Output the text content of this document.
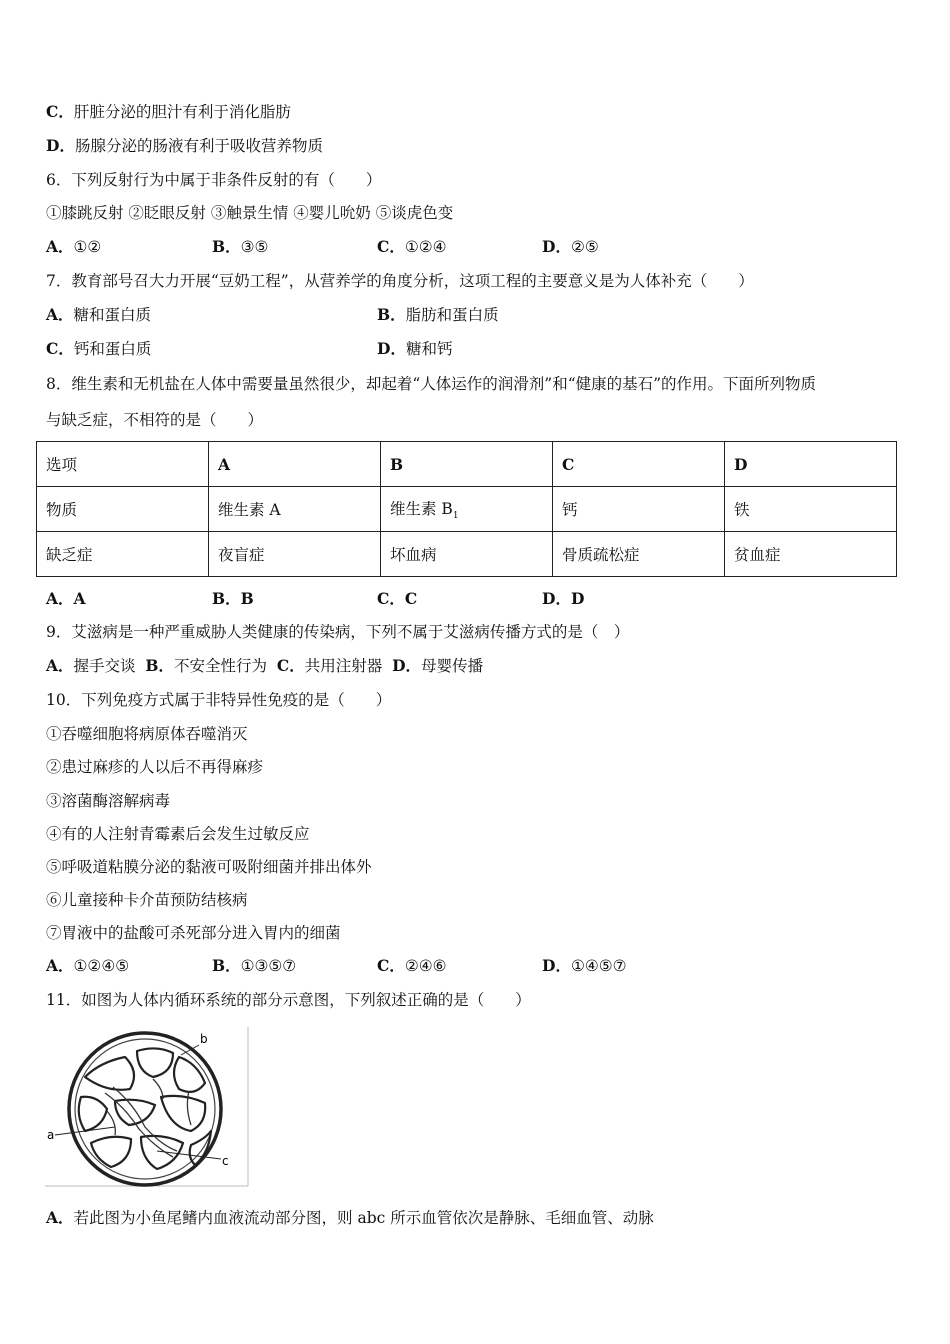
C．肝脏分泌的胆汁有利于消化脂肪
D．肠腺分泌的肠液有利于吸收营养物质
6．下列反射行为中属于非条件反射的有（　　）
①膝跳反射 ②眨眼反射 ③触景生情 ④婴儿吮奶 ⑤谈虎色变
A．①②	B．③⑤	C．①②④	D．②⑤
7．教育部号召大力开展“豆奶工程”，从营养学的角度分析，这项工程的主要意义是为人体补充（　　）
A．糖和蛋白质	B．脂肪和蛋白质
C．钙和蛋白质	D．糖和钙
8．维生素和无机盐在人体中需要量虽然很少，却起着“人体运作的润滑剂”和“健康的基石”的作用。下面所列物质
与缺乏症，不相符的是（　　）
选项	A	B	C	D
物质	维生素 A	维生素 $B_1$	钙	铁
缺乏症	夜盲症	坏血病	骨质疏松症	贫血症
A．A	B．B	C．C	D．D
9．艾滋病是一种严重威胁人类健康的传染病，下列不属于艾滋病传播方式的是（　）
A．握手交谈 B．不安全性行为 C．共用注射器 D．母婴传播
10．下列免疫方式属于非特异性免疫的是（　　）
①吞噬细胞将病原体吞噬消灭
②患过麻疹的人以后不再得麻疹
③溶菌酶溶解病毒
④有的人注射青霉素后会发生过敏反应
⑤呼吸道粘膜分泌的黏液可吸附细菌并排出体外
⑥儿童接种卡介苗预防结核病
⑦胃液中的盐酸可杀死部分进入胃内的细菌
A．①②④⑤	B．①③⑤⑦	C．②④⑥	D．①④⑤⑦
11．如图为人体内循环系统的部分示意图，下列叙述正确的是（　　）
a
b
c
A．若此图为小鱼尾鳍内血液流动部分图，则 abc 所示血管依次是静脉、毛细血管、动脉
